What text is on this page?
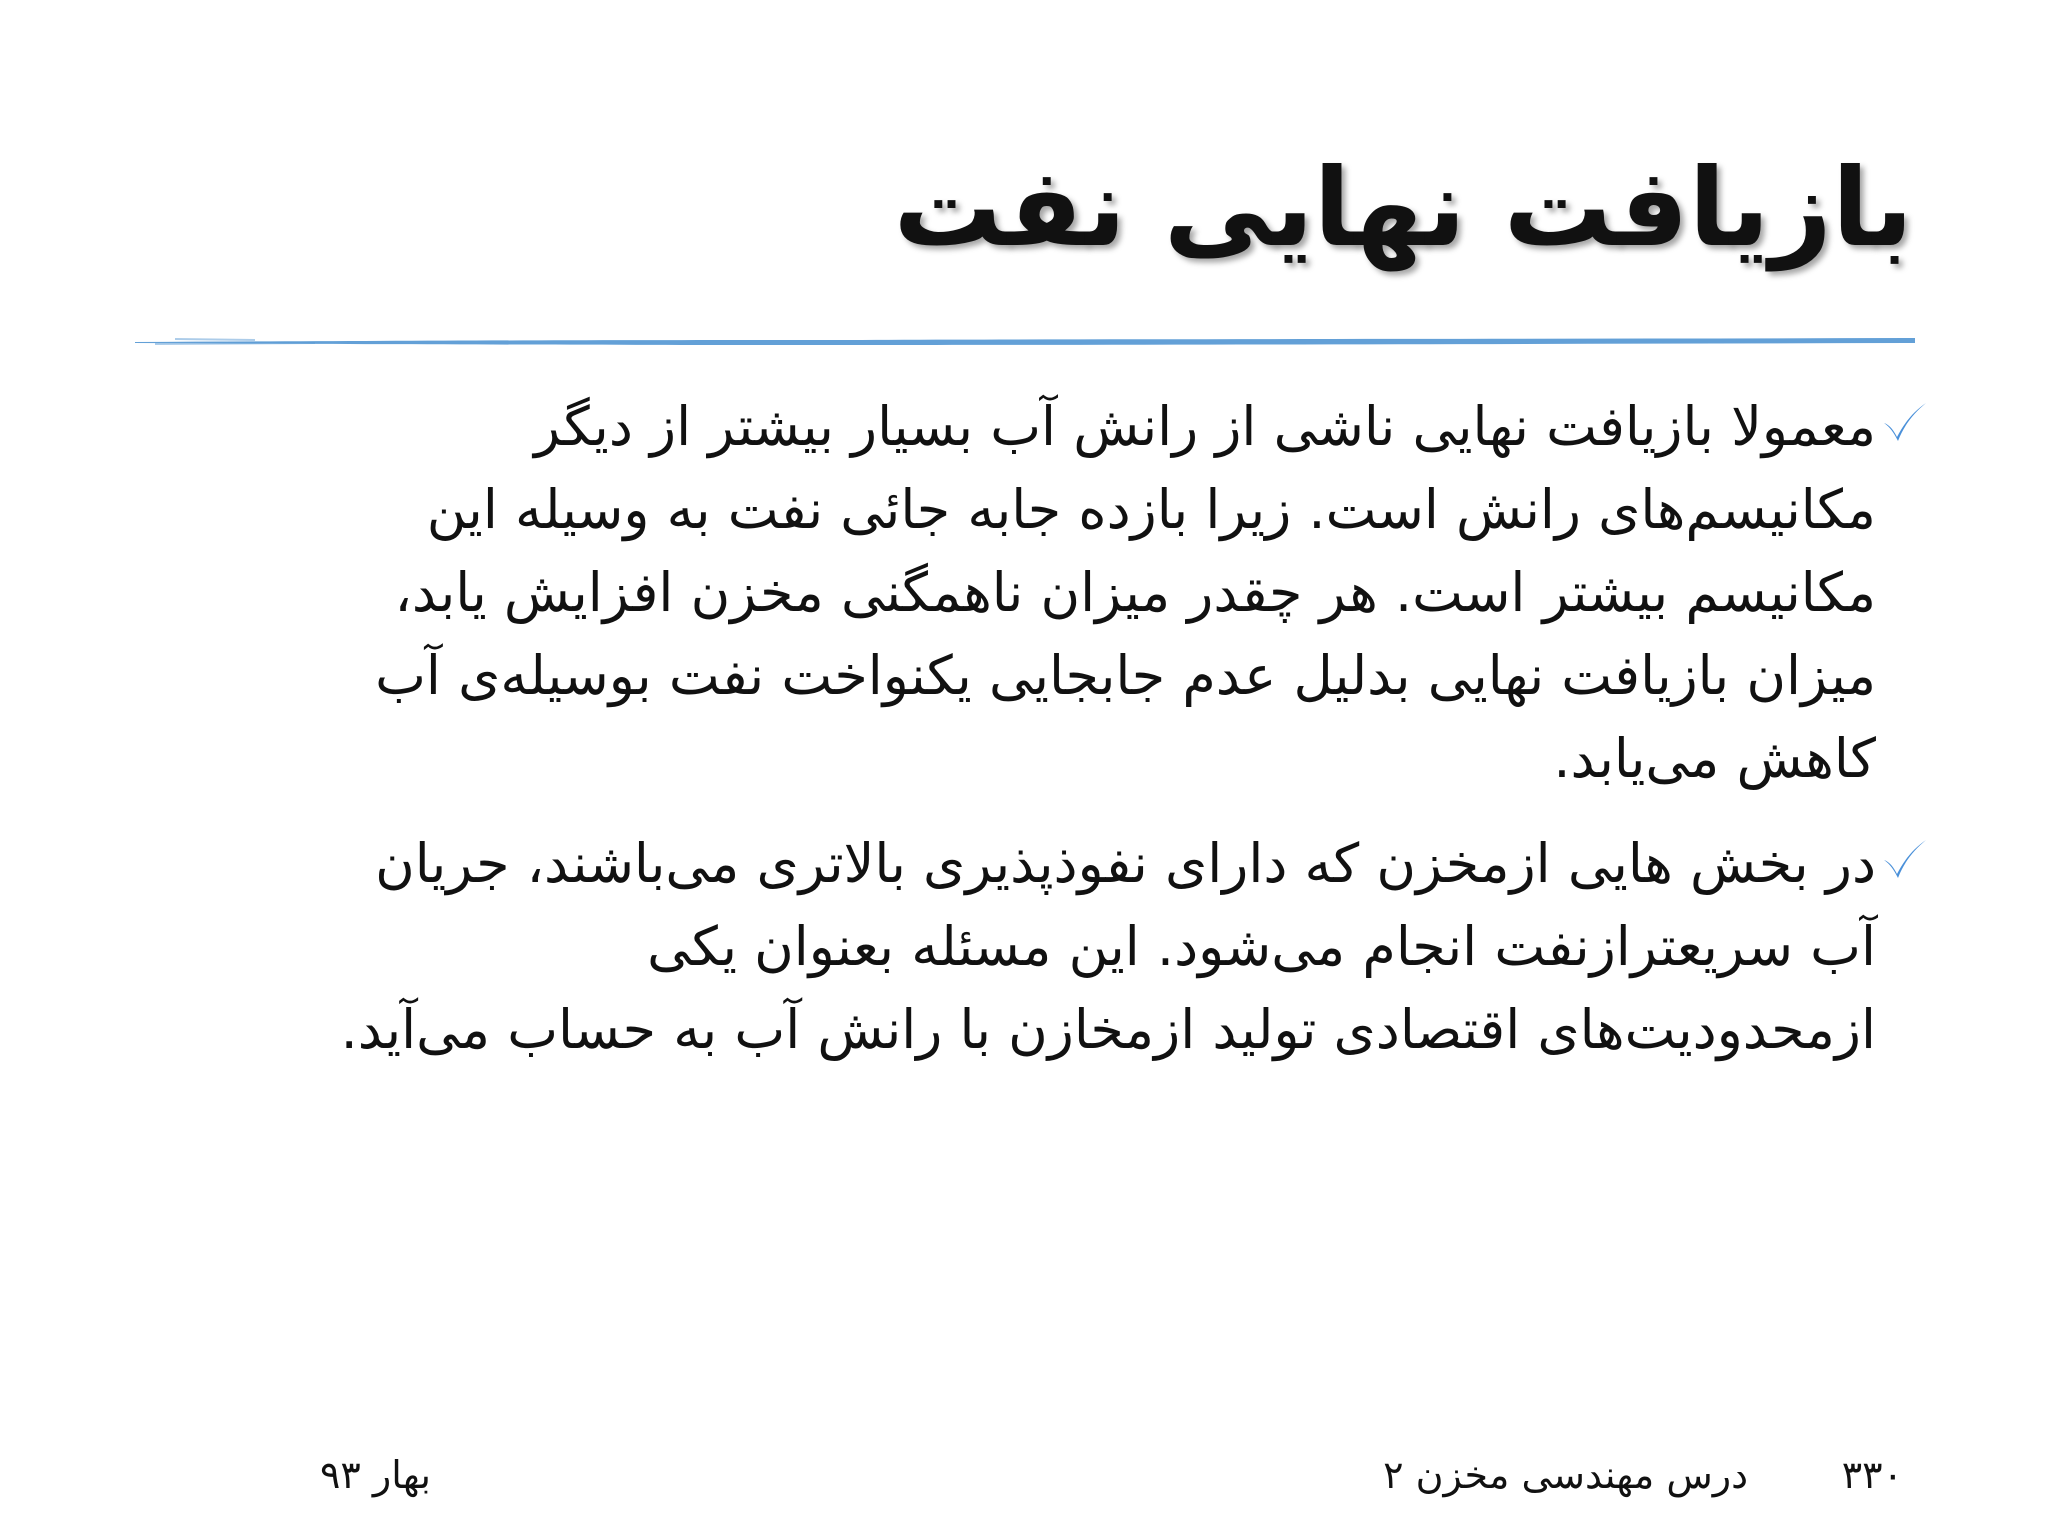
بازیافت نهایی نفت
معمولا بازیافت نهایی ناشی از رانش آب بسیار بیشتر از دیگر
مکانیسم‌های رانش است. زیرا بازده جابه جائی نفت به وسیله این
مکانیسم بیشتر است. هر چقدر میزان ناهمگنی مخزن افزایش یابد،
میزان بازیافت نهایی بدلیل عدم جابجایی یکنواخت نفت بوسیله‌ی آب
کاهش می‌یابد.
در بخش هایی ازمخزن که دارای نفوذپذیری بالاتری می‌باشند، جریان
آب سریعترازنفت انجام می‌شود. این مسئله بعنوان یکی
ازمحدودیت‌های اقتصادی تولید ازمخازن با رانش آب به حساب می‌آید.
۳۳۰
درس مهندسی مخزن ۲
بهار ۹۳
